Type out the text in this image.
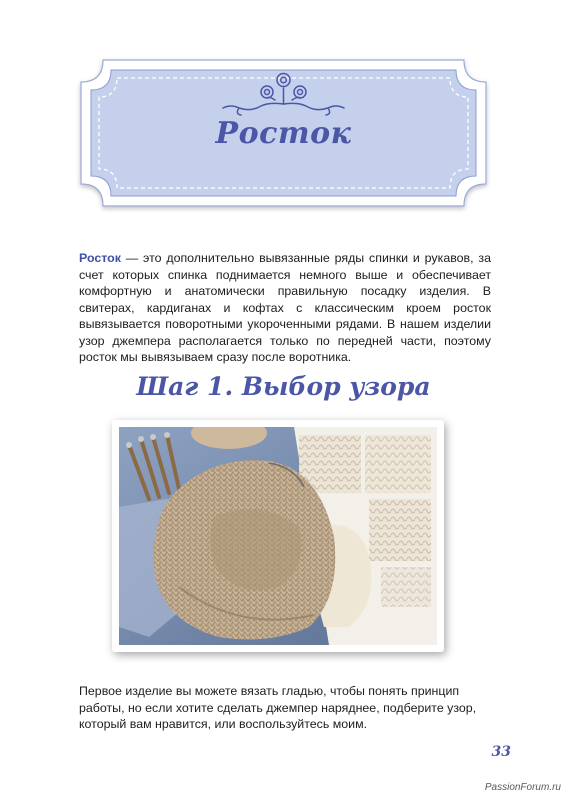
Росток

Росток — это дополнительно вывязанные ряды спинки и рукавов, за счет которых спинка поднимается немного выше и обеспечивает комфортную и анатомически правильную посадку изделия. В свитерах, кардиганах и кофтах с классическим кроем росток вывязывается поворотными укороченными рядами. В нашем изделии узор джемпера располагается только по передней части, поэтому росток мы вывязываем сразу после воротника.

Шаг 1. Выбор узора

Первое изделие вы можете вязать гладью, чтобы понять принцип работы, но если хотите сделать джемпер наряднее, подберите узор, который вам нравится, или воспользуйтесь моим.

33
PassionForum.ru
